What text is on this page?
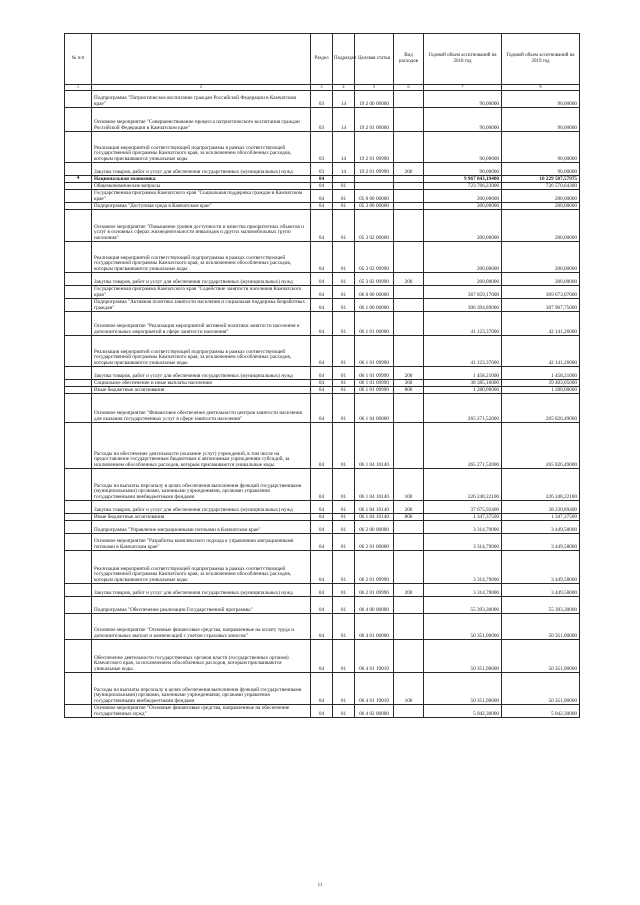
№ п/п		Раздел	Подраздел	Целевая статья	Вид расходов	Годовой объем ассигнований на 2018 год	Годовой объем ассигнований на 2019 год
1	2	3	4	5	6	7	8
	Подпрограмма "Патриотическое воспитание граждан Российской Федерации в Камчатском крае"	03	14	19 2 00 00000		90,00000	90,00000
	Основное мероприятие "Совершенствование процесса патриотического воспитания граждан Российской Федерации в Камчатском крае"	03	14	19 2 01 00000		90,00000	90,00000
	Реализация мероприятий соответствующей подпрограммы в рамках соответствующей государственной программы Камчатского края, за исключением обособленных расходов, которым присваиваются уникальные коды	03	14	19 2 01 09990		90,00000	90,00000
	Закупка товаров, работ и услуг для обеспечения государственных (муниципальных) нужд	03	14	19 2 01 09990	200	90,00000	90,00000
4	Национальная экономика	04				9 967 843,19400	10 229 507,57975
	Общеэкономические вопросы	04	01			723 766,23900	726 570,64300
	Государственная программа Камчатского края "Социальная поддержка граждан в Камчатском крае"	04	01	05 0 00 00000		200,00000	200,00000
	Подпрограмма "Доступная среда в Камчатском крае"	04	01	05 3 00 00000		200,00000	200,00000
	Основное мероприятие "Повышение уровня доступности и качества приоритетных объектов и услуг в основных сферах жизнедеятельности инвалидов и других маломобильных групп населения"	04	01	05 3 02 00000		200,00000	200,00000
	Реализация мероприятий соответствующей подпрограммы в рамках соответствующей государственной программы Камчатского края, за исключением обособленных расходов, которым присваиваются уникальные коды	04	01	05 3 02 09990		200,00000	200,00000
	Закупка товаров, работ и услуг для обеспечения государственных (муниципальных) нужд	04	01	05 3 02 09990	200	200,00000	200,00000
	Государственная программа Камчатского края "Содействие занятости населения Камчатского края"	04	01	06 0 00 00000		367 859,17000	369 673,07000
	Подпрограмма "Активная политика занятости населения и социальная поддержка безработных граждан"	04	01	06 1 00 00000		306 394,89000	307 967,75000
	Основное мероприятие "Реализация мероприятий активной политики занятости населения и дополнительных мероприятий в сфере занятости населения"	04	01	06 1 01 00000		41 123,37000	42 141,26000
	Реализация мероприятий соответствующей подпрограммы в рамках соответствующей государственной программы Камчатского края, за исключением обособленных расходов, которым присваиваются уникальные коды	04	01	06 1 01 09990		41 123,37000	42 141,26000
	Закупка товаров, работ и услуг для обеспечения государственных (муниципальных) нужд	04	01	06 1 01 09990	200	1 458,21000	1 458,21000
	Социальное обеспечение и иные выплаты населению	04	01	06 1 01 09990	300	38 385,16000	39 403,05000
	Иные бюджетные ассигнования	04	01	06 1 01 09990	800	1 280,00000	1 280,00000
	Основное мероприятие "Финансовое обеспечение деятельности центров занятости населения для оказания государственных услуг в сфере занятости населения"	04	01	06 1 04 00000		265 271,52000	265 826,49000
	Расходы на обеспечение деятельности (оказание услуг) учреждений, в том числе на предоставление государственным бюджетным и автономным учреждениям субсидий, за исключением обособленных расходов, которым присваиваются уникальные коды	04	01	06 1 04 10140		265 271,52000	265 826,49000
	Расходы на выплаты персоналу в целях обеспечения выполнения функций государственными (муниципальными) органами, казенными учреждениями, органами управления государственными внебюджетными фондами	04	01	06 1 04 10140	100	226 248,22100	226 248,22100
	Закупка товаров, работ и услуг для обеспечения государственных (муниципальных) нужд	04	01	06 1 04 10140	200	37 675,92400	38 230,89400
	Иные бюджетные ассигнования	04	01	06 1 04 10140	800	1 347,37500	1 347,37500
	Подпрограмма "Управление миграционными потоками в Камчатском крае"	04	01	06 2 00 00000		3 314,79000	3 449,58000
	Основное мероприятие "Разработка комплексного подхода к управлению миграционными потоками в Камчатском крае"	04	01	06 2 01 00000		3 314,79000	3 449,58000
	Реализация мероприятий соответствующей подпрограммы в рамках соответствующей государственной программы Камчатского края, за исключением обособленных расходов, которым присваиваются уникальные коды	04	01	06 2 01 09990		3 314,79000	3 449,58000
	Закупка товаров, работ и услуг для обеспечения государственных (муниципальных) нужд	04	01	06 2 01 09990	200	3 314,79000	3 449,58000
	Подпрограмма "Обеспечение реализации Государственной программы"	04	01	06 4 00 00000		55 393,30000	55 393,30000
	Основное мероприятие "Основные финансовые средства, направленные на оплату труда и дополнительных выплат и компенсаций с учетом страховых взносов"	04	01	06 4 01 00000		50 351,00000	50 351,00000
	Обеспечение деятельности государственных органов власти (государственных органов) Камчатского края, за исключением обособленных расходов, которым присваиваются уникальные коды.	04	01	06 4 01 10010		50 351,00000	50 351,00000
	Расходы на выплаты персоналу в целях обеспечения выполнения функций государственными (муниципальными) органами, казенными учреждениями, органами управления государственными внебюджетными фондами	04	01	06 4 01 10010	100	50 351,00000	50 351,00000
	Основное мероприятие "Основные финансовые средства, направленные на обеспечение государственных нужд"	04	01	06 4 02 00000		5 042,30000	5 042,30000
11
